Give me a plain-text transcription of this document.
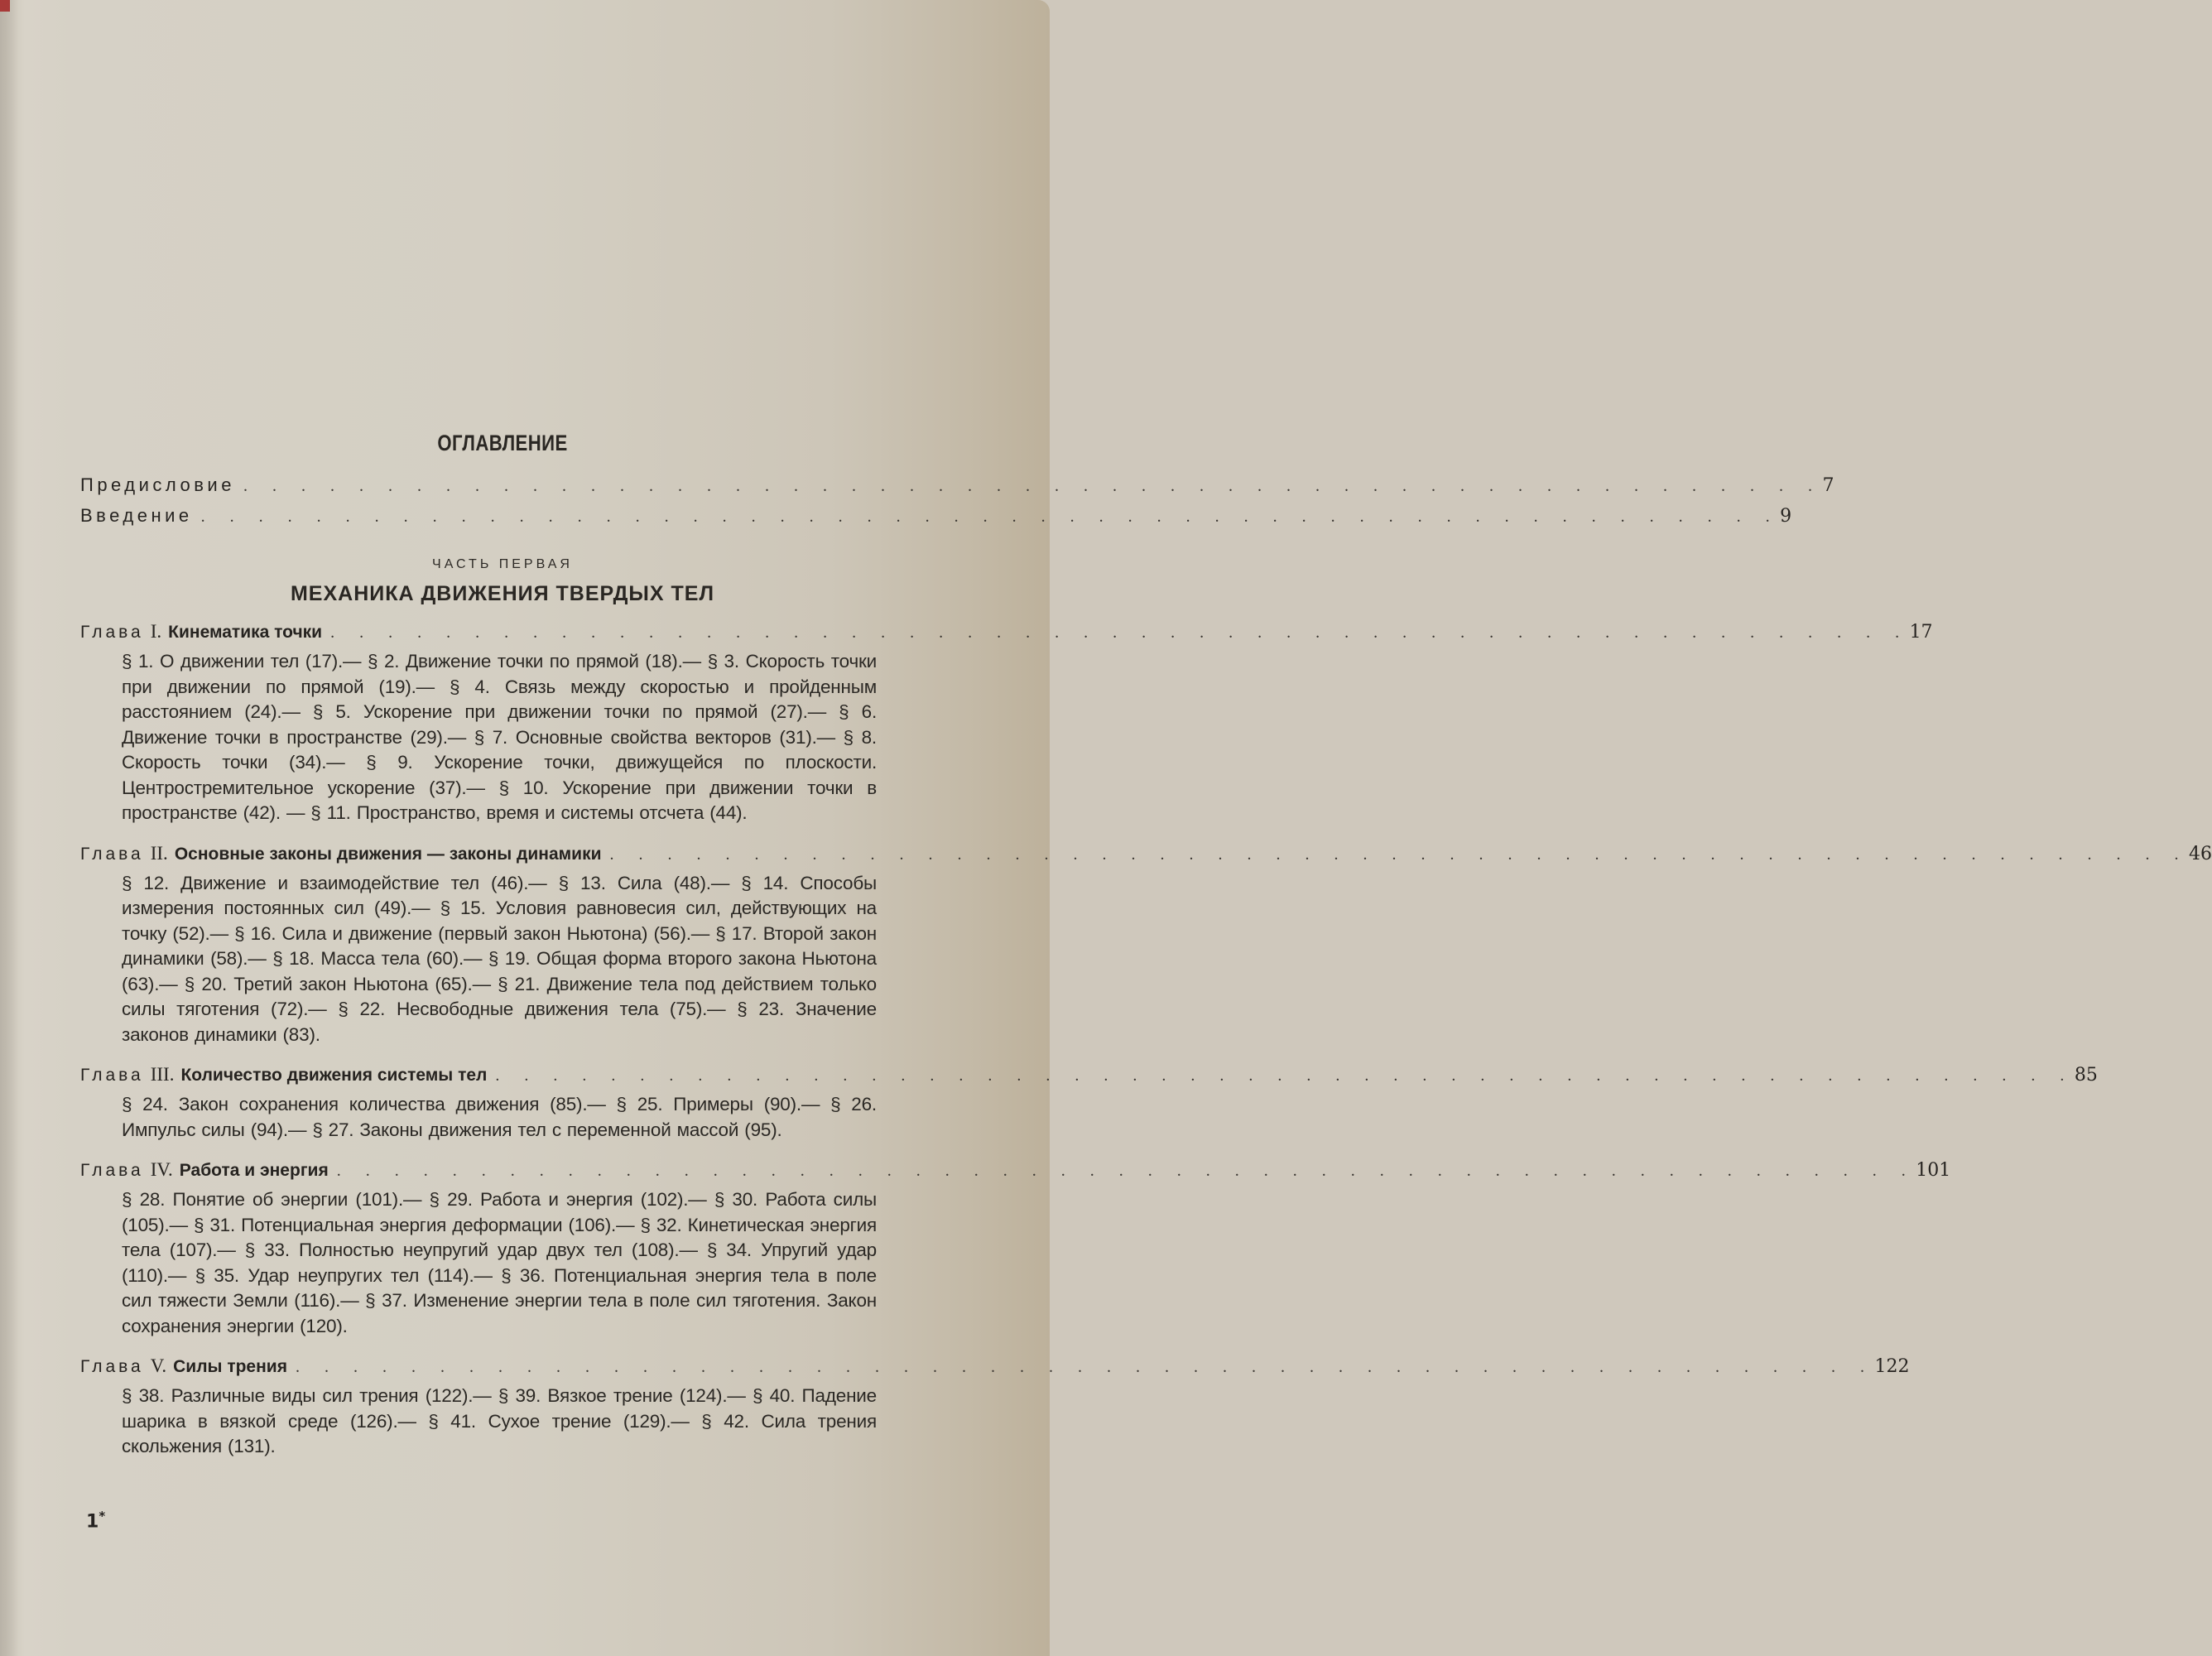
ОГЛАВЛЕНИЕ
Предисловие . . . . . . . . . . . . . . . . . . . . . . . . . . . . . . . . . . . . . . . . . . . . . . . . . . . . . . . 7
Введение . . . . . . . . . . . . . . . . . . . . . . . . . . . . . . . . . . . . . . . . . . . . . . . . . . . . . . . 9
ЧАСТЬ ПЕРВАЯ
МЕХАНИКА ДВИЖЕНИЯ ТВЕРДЫХ ТЕЛ
Глава I. Кинематика точки . . . . . . . . . . . . . . . . . . . . . . . . . . . . . . . . . . . . . . . . . . . . . . . . . . . . . . . 17
§ 1. О движении тел (17).— § 2. Движение точки по прямой (18).— § 3. Скорость точки при движении по прямой (19).— § 4. Связь между скоростью и пройденным расстоянием (24).— § 5. Ускорение при движении точки по прямой (27).— § 6. Движение точки в пространстве (29).— § 7. Основные свойства векторов (31).— § 8. Скорость точки (34).— § 9. Ускорение точки, движущейся по плоскости. Центростремительное ускорение (37).— § 10. Ускорение при движении точки в пространстве (42). — § 11. Пространство, время и системы отсчета (44).
Глава II. Основные законы движения — законы динамики . . . . . . . . . . . . . . . . . . . . . . . . . . . . . . . . . . . . . . . . . . . . . . . . . . . . . . . 46
§ 12. Движение и взаимодействие тел (46).— § 13. Сила (48).— § 14. Способы измерения постоянных сил (49).— § 15. Условия равновесия сил, действующих на точку (52).— § 16. Сила и движение (первый закон Ньютона) (56).— § 17. Второй закон динамики (58).— § 18. Масса тела (60).— § 19. Общая форма второго закона Ньютона (63).— § 20. Третий закон Ньютона (65).— § 21. Движение тела под действием только силы тяготения (72).— § 22. Несвободные движения тела (75).— § 23. Значение законов динамики (83).
Глава III. Количество движения системы тел . . . . . . . . . . . . . . . . . . . . . . . . . . . . . . . . . . . . . . . . . . . . . . . . . . . . . . . 85
§ 24. Закон сохранения количества движения (85).— § 25. Примеры (90).— § 26. Импульс силы (94).— § 27. Законы движения тел с переменной массой (95).
Глава IV. Работа и энергия . . . . . . . . . . . . . . . . . . . . . . . . . . . . . . . . . . . . . . . . . . . . . . . . . . . . . . . 101
§ 28. Понятие об энергии (101).— § 29. Работа и энергия (102).— § 30. Работа силы (105).— § 31. Потенциальная энергия деформации (106).— § 32. Кинетическая энергия тела (107).— § 33. Полностью неупругий удар двух тел (108).— § 34. Упругий удар (110).— § 35. Удар неупругих тел (114).— § 36. Потенциальная энергия тела в поле сил тяжести Земли (116).— § 37. Изменение энергии тела в поле сил тяготения. Закон сохранения энергии (120).
Глава V. Силы трения . . . . . . . . . . . . . . . . . . . . . . . . . . . . . . . . . . . . . . . . . . . . . . . . . . . . . . . 122
§ 38. Различные виды сил трения (122).— § 39. Вязкое трение (124).— § 40. Падение шарика в вязкой среде (126).— § 41. Сухое трение (129).— § 42. Сила трения скольжения (131).
1*
